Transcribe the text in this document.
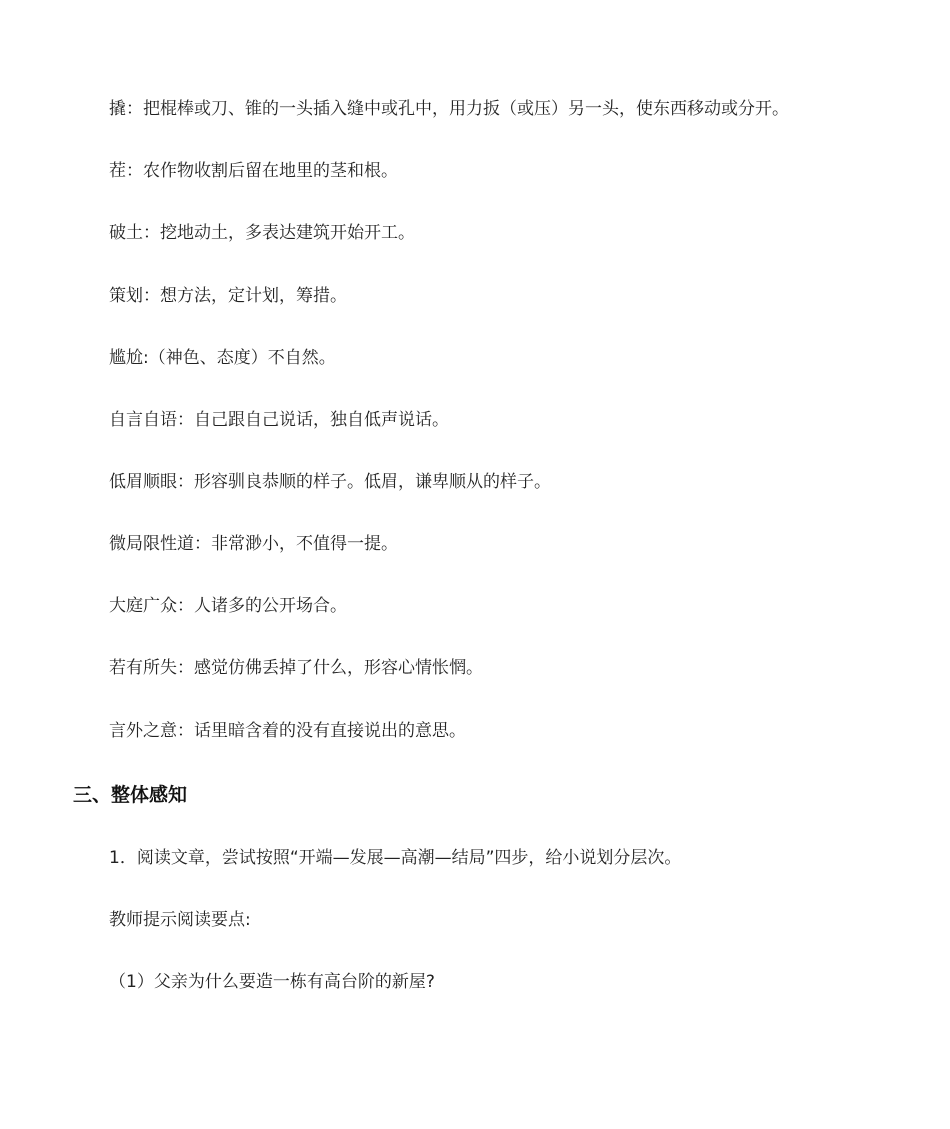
撬：把棍棒或刀、锥的一头插入缝中或孔中，用力扳（或压）另一头，使东西移动或分开。
茬：农作物收割后留在地里的茎和根。
破土：挖地动土，多表达建筑开始开工。
策划：想方法，定计划，筹措。
尴尬:（神色、态度）不自然。
自言自语：自己跟自己说话，独自低声说话。
低眉顺眼：形容驯良恭顺的样子。低眉，谦卑顺从的样子。
微局限性道：非常渺小，不值得一提。
大庭广众：人诸多的公开场合。
若有所失：感觉仿佛丢掉了什么，形容心情怅惘。
言外之意：话里暗含着的没有直接说出的意思。
三、整体感知
1．阅读文章，尝试按照“开端—发展—高潮—结局”四步，给小说划分层次。
教师提示阅读要点:
（1）父亲为什么要造一栋有高台阶的新屋?
